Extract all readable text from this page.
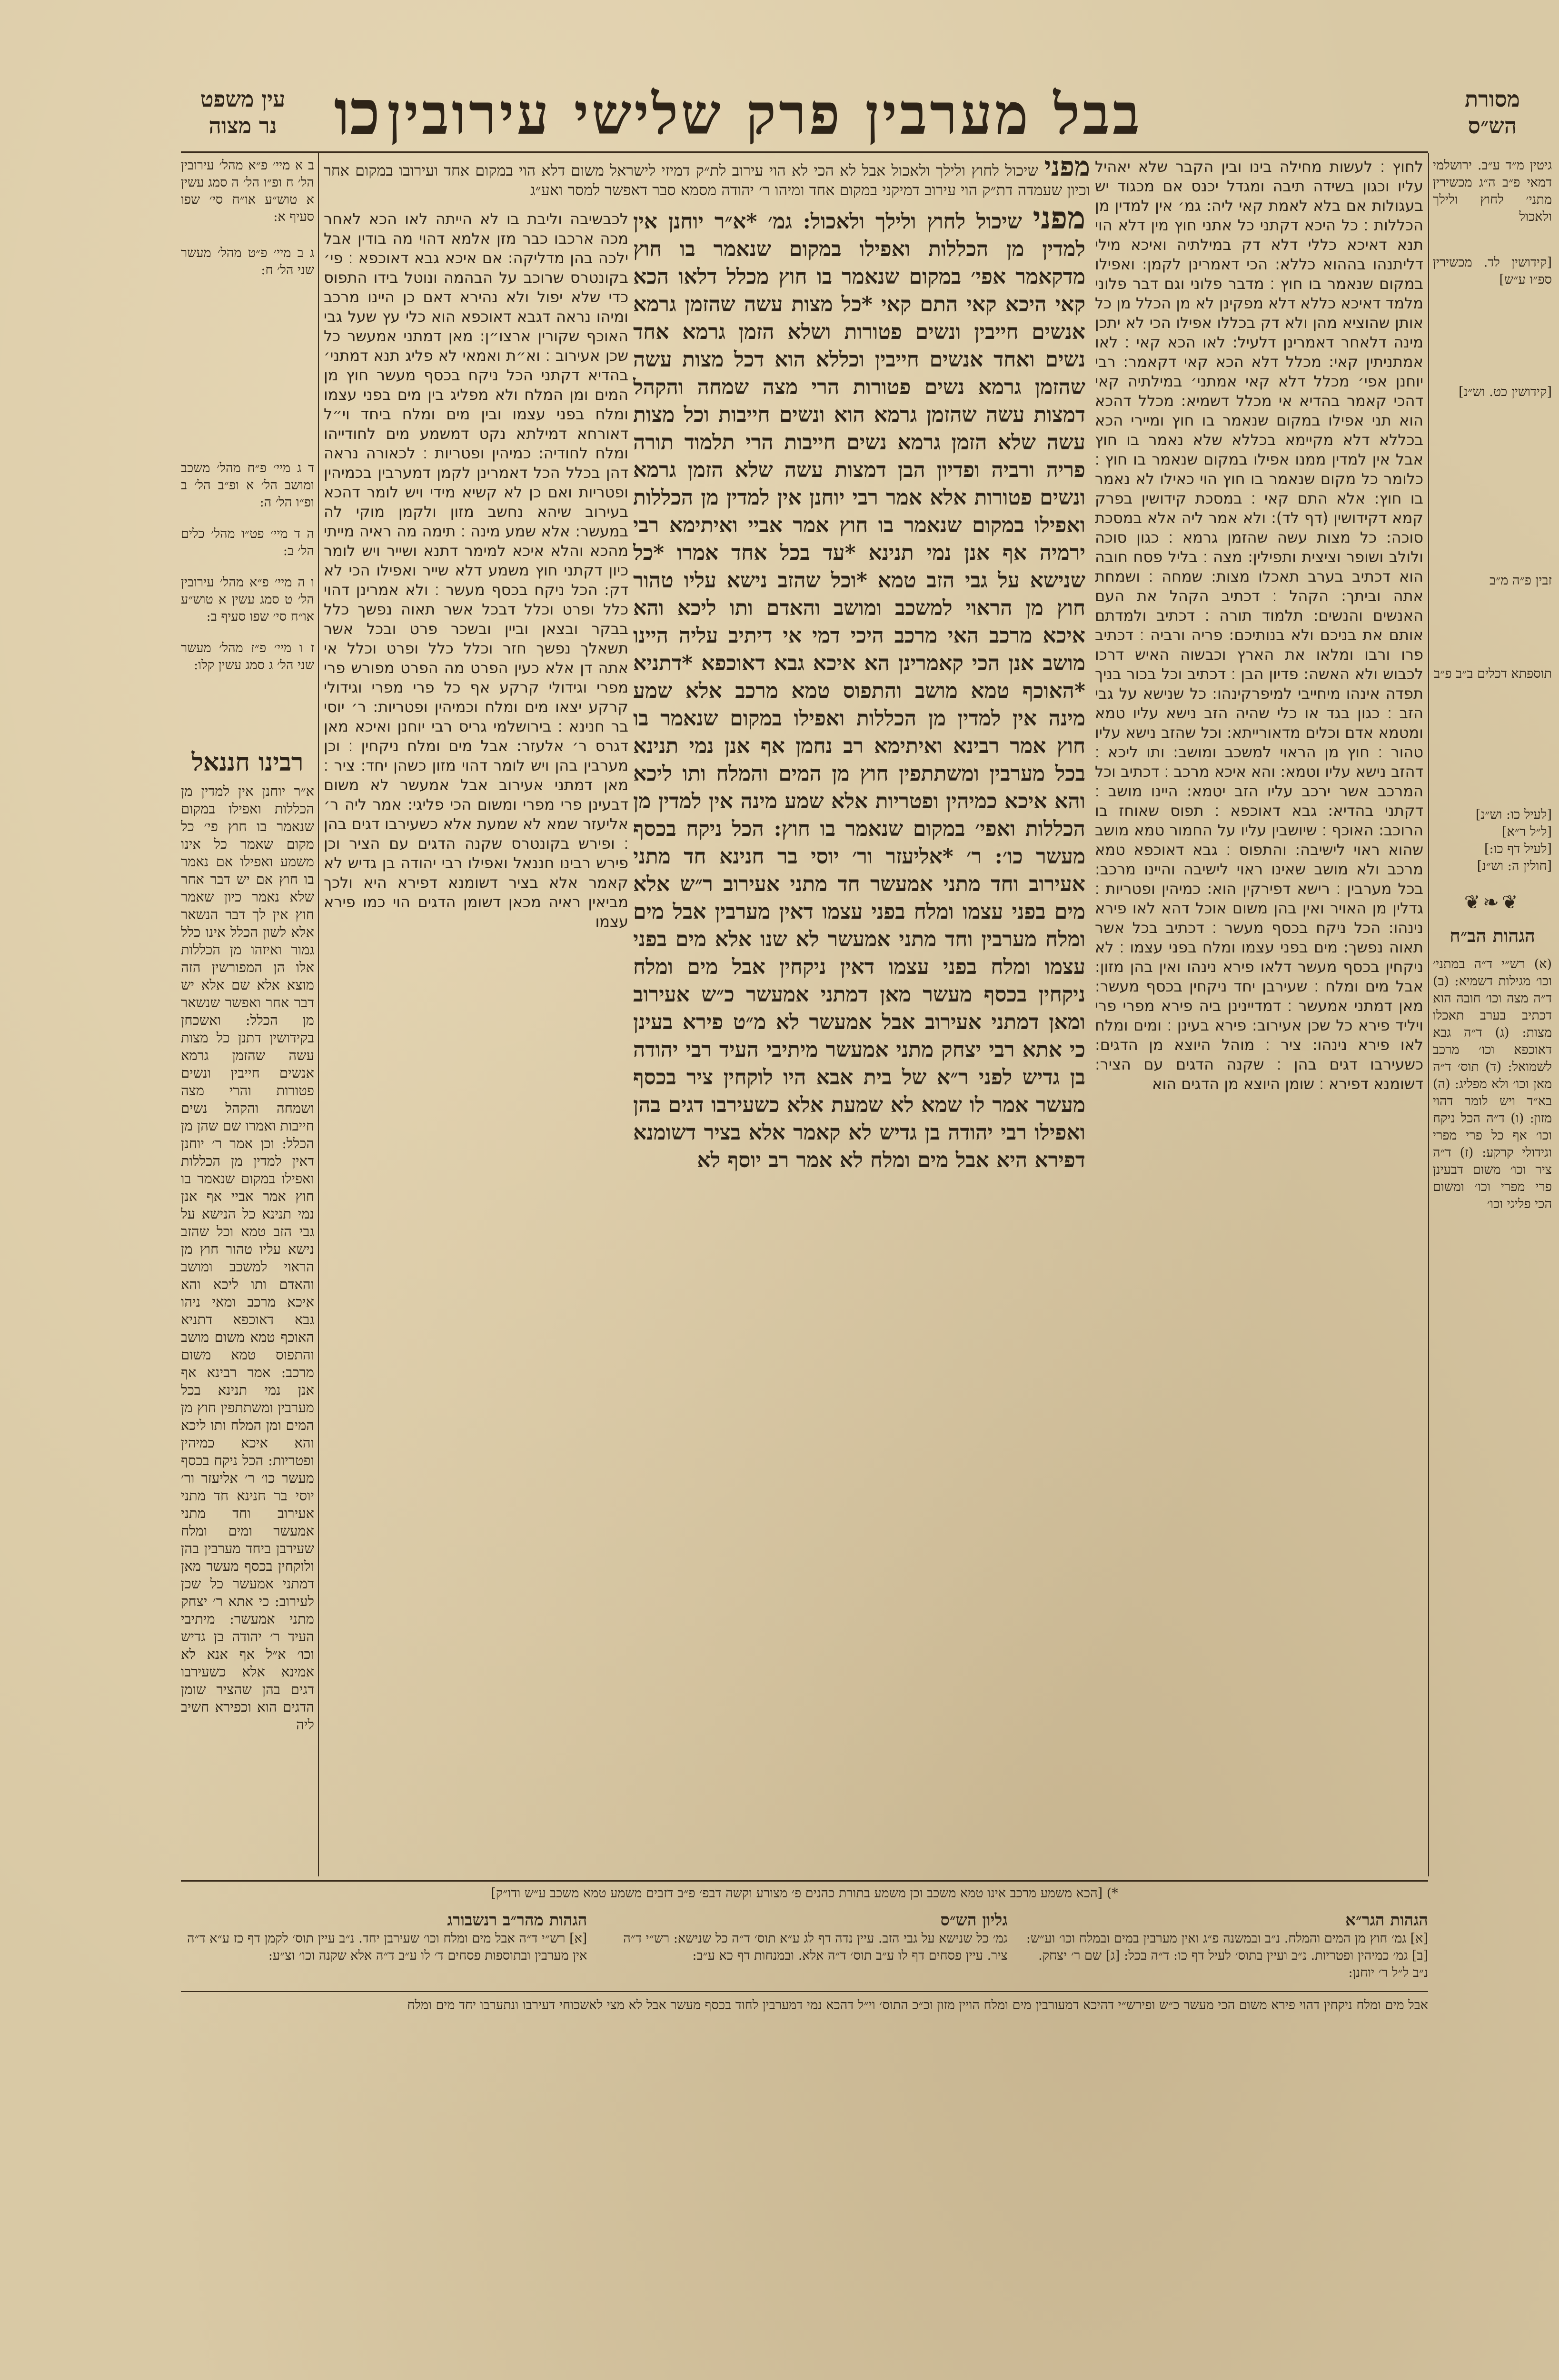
עין משפט
נר מצוה	כו בבל מערבין פרק שלישי עירובין	מסורת
הש״ס
גיטין מ״ד ע״ב. ירושלמי דמאי פ״ב ה״ג מכשירין מתני׳ לחוץ ולילך ולאכול
[קידושין לד. מכשירין ספ״ו ע״ש]
[קידושין כט. וש״נ]
זבין פ״ה מ״ב
תוספתא דכלים ב״ב פ״ב
[לעיל כו: וש״נ]
[ל״ל ר״א]
[לעיל דף כו:]
[חולין ה: וש״נ]
❦❧❦
הגהות הב״ח
(א) רש״י ד״ה במתני׳ וכו׳ מגילות דשמיא: (ב) ד״ה מצה וכו׳ חובה הוא דכתיב בערב תאכלו מצות: (ג) ד״ה גבא דאוכפא וכו׳ מרכב לשמואל: (ד) תוס׳ ד״ה מאן וכו׳ ולא מפליג: (ה) בא״ד ויש לומר דהוי מזון: (ו) ד״ה הכל ניקח וכו׳ אף כל פרי מפרי וגידולי קרקע: (ז) ד״ה ציר וכו׳ משום דבעינן פרי מפרי וכו׳ ומשום הכי פליגי וכו׳
לחוץ ׃ לעשות מחילה בינו ובין הקבר שלא יאהיל עליו וכגון בשידה תיבה ומגדל יכנס אם מכגוד יש בעגולות אם בלא לאמת קאי ליה: גמ׳ אין למדין מן הכללות ׃ כל היכא דקתני כל אתני חוץ מין דלא הוי תנא דאיכא כללי דלא דק במילתיה ואיכא מילי דליתנהו בההוא כללא: הכי דאמרינן לקמן: ואפילו במקום שנאמר בו חוץ ׃ מדבר פלוני וגם דבר פלוני מלמד דאיכא כללא דלא מפקינן לא מן הכלל מן כל אותן שהוציא מהן ולא דק בכללו אפילו הכי לא יתכן מינה דלאחר דאמרינן דלעיל: לאו הכא קאי ׃ לאו אמתניתין קאי: מכלל דלא הכא קאי דקאמר: רבי יוחנן אפי׳ מכלל דלא קאי אמתני׳ במילתיה קאי דהכי קאמר בהדיא אי מכלל דשמיא: מכלל דהכא הוא תני אפילו במקום שנאמר בו חוץ ומיירי הכא בכללא דלא מקיימא בכללא שלא נאמר בו חוץ אבל אין למדין ממנו אפילו במקום שנאמר בו חוץ ׃ כלומר כל מקום שנאמר בו חוץ הוי כאילו לא נאמר בו חוץ: אלא התם קאי ׃ במסכת קידושין בפרק קמא דקידושין (דף לד): ולא אמר ליה אלא במסכת סוכה: כל מצות עשה שהזמן גרמא ׃ כגון סוכה ולולב ושופר וציצית ותפילין: מצה ׃ בליל פסח חובה הוא דכתיב בערב תאכלו מצות: שמחה ׃ ושמחת אתה וביתך: הקהל ׃ דכתיב הקהל את העם האנשים והנשים: תלמוד תורה ׃ דכתיב ולמדתם אותם את בניכם ולא בנותיכם: פריה ורביה ׃ דכתיב פרו ורבו ומלאו את הארץ וכבשוה האיש דרכו לכבוש ולא האשה: פדיון הבן ׃ דכתיב וכל בכור בניך תפדה אינהו מיחייבי למיפרקינהו: כל שנישא על גבי הזב ׃ כגון בגד או כלי שהיה הזב נישא עליו טמא ומטמא אדם וכלים מדאורייתא: וכל שהזב נישא עליו טהור ׃ חוץ מן הראוי למשכב ומושב: ותו ליכא ׃ דהזב נישא עליו וטמא: והא איכא מרכב ׃ דכתיב וכל המרכב אשר ירכב עליו הזב יטמא: היינו מושב ׃ דקתני בהדיא: גבא דאוכפא ׃ תפוס שאוחז בו הרוכב: האוכף ׃ שיושבין עליו על החמור טמא מושב שהוא ראוי לישיבה: והתפוס ׃ גבא דאוכפא טמא מרכב ולא מושב שאינו ראוי לישיבה והיינו מרכב: בכל מערבין ׃ רישא דפירקין הוא: כמיהין ופטריות ׃ גדלין מן האויר ואין בהן משום אוכל דהא לאו פירא נינהו: הכל ניקח בכסף מעשר ׃ דכתיב בכל אשר תאוה נפשך: מים בפני עצמו ומלח בפני עצמו ׃ לא ניקחין בכסף מעשר דלאו פירא נינהו ואין בהן מזון: אבל מים ומלח ׃ שעירבן יחד ניקחין בכסף מעשר: מאן דמתני אמעשר ׃ דמדיינינן ביה פירא מפרי פרי ויליד פירא כל שכן אעירוב: פירא בעינן ׃ ומים ומלח לאו פירא נינהו: ציר ׃ מוהל היוצא מן הדגים: כשעירבו דגים בהן ׃ שקנה הדגים עם הציר: דשומנא דפירא ׃ שומן היוצא מן הדגים הוא
מפני שיכול לחוץ ולילך ולאכול: גמ׳ *א״ר יוחנן אין למדין מן הכללות ואפילו במקום שנאמר בו חוץ מדקאמר אפי׳ במקום שנאמר בו חוץ מכלל דלאו הכא קאי היכא קאי התם קאי *כל מצות עשה שהזמן גרמא אנשים חייבין ונשים פטורות ושלא הזמן גרמא אחד נשים ואחד אנשים חייבין וכללא הוא דכל מצות עשה שהזמן גרמא נשים פטורות הרי מצה שמחה והקהל דמצות עשה שהזמן גרמא הוא ונשים חייבות וכל מצות עשה שלא הזמן גרמא נשים חייבות הרי תלמוד תורה פריה ורביה ופדיון הבן דמצות עשה שלא הזמן גרמא ונשים פטורות אלא אמר רבי יוחנן אין למדין מן הכללות ואפילו במקום שנאמר בו חוץ אמר אביי ואיתימא רבי ירמיה אף אנן נמי תנינא *עד בכל אחד אמרו *כל שנישא על גבי הזב טמא *וכל שהזב נישא עליו טהור חוץ מן הראוי למשכב ומושב והאדם ותו ליכא והא איכא מרכב האי מרכב היכי דמי אי דיתיב עליה היינו מושב אנן הכי קאמרינן הא איכא גבא דאוכפא *דתניא *האוכף טמא מושב והתפוס טמא מרכב אלא שמע מינה אין למדין מן הכללות ואפילו במקום שנאמר בו חוץ אמר רבינא ואיתימא רב נחמן אף אנן נמי תנינא בכל מערבין ומשתתפין חוץ מן המים והמלח ותו ליכא והא איכא כמיהין ופטריות אלא שמע מינה אין למדין מן הכללות ואפי׳ במקום שנאמר בו חוץ: הכל ניקח בכסף מעשר כו׳: ר׳ *אליעזר ור׳ יוסי בר חנינא חד מתני אעירוב וחד מתני אמעשר חד מתני אעירוב ר״ש אלא מים בפני עצמו ומלח בפני עצמו דאין מערבין אבל מים ומלח מערבין וחד מתני אמעשר לא שנו אלא מים בפני עצמו ומלח בפני עצמו דאין ניקחין אבל מים ומלח ניקחין בכסף מעשר מאן דמתני אמעשר כ״ש אעירוב ומאן דמתני אעירוב אבל אמעשר לא מ״ט פירא בעינן כי אתא רבי יצחק מתני אמעשר מיתיבי העיד רבי יהודה בן גדיש לפני ר״א של בית אבא היו לוקחין ציר בכסף מעשר אמר לו שמא לא שמעת אלא כשעירבו דגים בהן ואפילו רבי יהודה בן גדיש לא קאמר אלא בציר דשומנא דפירא היא אבל מים ומלח לא אמר רב יוסף לא
מפני שיכול לחוץ ולילך ולאכול אבל לא הכי לא הוי עירוב לת״ק דמיזי לישראל משום דלא הוי במקום אחד ועירובו במקום אחר וכיון שעמדה דת״ק הוי עירוב דמיקני במקום אחד ומיהו ר׳ יהודה מסמא סבר דאפשר למסר ואע״ג
לכבשיבה וליבת בו לא הייתה לאו הכא לאחר מכה ארכבו כבר מזן אלמא דהוי מה בודין אבל ילכה בהן מדליקה: אם איכא גבא דאוכפא ׃ פי׳ בקונטרס שרוכב על הבהמה ונוטל בידו התפוס כדי שלא יפול ולא נהירא דאם כן היינו מרכב ומיהו נראה דגבא דאוכפא הוא כלי עץ שעל גבי האוכף שקורין ארצו״ן: מאן דמתני אמעשר כל שכן אעירוב ׃ וא״ת ואמאי לא פליג תנא דמתני׳ בהדיא דקתני הכל ניקח בכסף מעשר חוץ מן המים ומן המלח ולא מפליג בין מים בפני עצמו ומלח בפני עצמו ובין מים ומלח ביחד וי״ל דאורחא דמילתא נקט דמשמע מים לחודייהו ומלח לחודיה: כמיהין ופטריות ׃ לכאורה נראה דהן בכלל הכל דאמרינן לקמן דמערבין בכמיהין ופטריות ואם כן לא קשיא מידי ויש לומר דהכא בעירוב שיהא נחשב מזון ולקמן מוקי לה במעשר: אלא שמע מינה ׃ תימה מה ראיה מייתי מהכא והלא איכא למימר דתנא ושייר ויש לומר כיון דקתני חוץ משמע דלא שייר ואפילו הכי לא דק: הכל ניקח בכסף מעשר ׃ ולא אמרינן דהוי כלל ופרט וכלל דבכל אשר תאוה נפשך כלל בבקר ובצאן וביין ובשכר פרט ובכל אשר תשאלך נפשך חזר וכלל כלל ופרט וכלל אי אתה דן אלא כעין הפרט מה הפרט מפורש פרי מפרי וגידולי קרקע אף כל פרי מפרי וגידולי קרקע יצאו מים ומלח וכמיהין ופטריות: ר׳ יוסי בר חנינא ׃ בירושלמי גריס רבי יוחנן ואיכא מאן דגרס ר׳ אלעזר: אבל מים ומלח ניקחין ׃ וכן מערבין בהן ויש לומר דהוי מזון כשהן יחד: ציר ׃ מאן דמתני אעירוב אבל אמעשר לא משום דבעינן פרי מפרי ומשום הכי פליגי: אמר ליה ר׳ אליעזר שמא לא שמעת אלא כשעירבו דגים בהן ׃ ופירש בקונטרס שקנה הדגים עם הציר וכן פירש רבינו חננאל ואפילו רבי יהודה בן גדיש לא קאמר אלא בציר דשומנא דפירא היא ולכך מביאין ראיה מכאן דשומן הדגים הוי כמו פירא עצמו
ב א מיי׳ פ״א מהל׳ עירובין הל׳ ח ופ״ו הל׳ ה סמג עשין א טוש״ע או״ח סי׳ שפו סעיף א:
ג ב מיי׳ פ״ט מהל׳ מעשר שני הל׳ ח:
ד ג מיי׳ פ״ח מהל׳ משכב ומושב הל׳ א ופ״ב הל׳ ב ופ״ו הל׳ ה:
ה ד מיי׳ פט״ו מהל׳ כלים הל׳ ב:
ו ה מיי׳ פ״א מהל׳ עירובין הל׳ ט סמג עשין א טוש״ע או״ח סי׳ שפו סעיף ב:
ז ו מיי׳ פ״ז מהל׳ מעשר שני הל׳ ג סמג עשין קלו:
רבינו חננאל
א״ר יוחנן אין למדין מן הכללות ואפילו במקום שנאמר בו חוץ פי׳ כל מקום שאמר כל אינו משמע ואפילו אם נאמר בו חוץ אם יש דבר אחר שלא נאמר כיון שאמר חוץ אין לך דבר הנשאר אלא לשון הכלל אינו כלל גמור ואיזהו מן הכללות אלו הן המפורשין הזה מוצא אלא שם אלא יש דבר אחר ואפשר שנשאר מן הכלל: ואשכחן בקידושין דתנן כל מצות עשה שהזמן גרמא אנשים חייבין ונשים פטורות והרי מצה ושמחה והקהל נשים חייבות ואמרו שם שהן מן הכלל: וכן אמר ר׳ יוחנן דאין למדין מן הכללות ואפילו במקום שנאמר בו חוץ אמר אביי אף אנן נמי תנינא כל הנישא על גבי הזב טמא וכל שהזב נישא עליו טהור חוץ מן הראוי למשכב ומושב והאדם ותו ליכא והא איכא מרכב ומאי ניהו גבא דאוכפא דתניא האוכף טמא משום מושב והתפוס טמא משום מרכב: אמר רבינא אף אנן נמי תנינא בכל מערבין ומשתתפין חוץ מן המים ומן המלח ותו ליכא והא איכא כמיהין ופטריות: הכל ניקח בכסף מעשר כו׳ ר׳ אליעזר ור׳ יוסי בר חנינא חד מתני אעירוב וחד מתני אמעשר ומים ומלח שעירבן ביחד מערבין בהן ולוקחין בכסף מעשר מאן דמתני אמעשר כל שכן לעירוב: כי אתא ר׳ יצחק מתני אמעשר: מיתיבי העיד ר׳ יהודה בן גדיש וכו׳ א״ל אף אנא לא אמינא אלא כשעירבו דגים בהן שהציר שומן הדגים הוא וכפירא חשיב ליה
*) [הכא משמע מרכב אינו טמא משכב וכן משמע בתורת כהנים פ׳ מצורע וקשה דבפ׳ פ״ב דזבים משמע טמא משכב ע״ש ודו״ק]
הגהות הגר״א
[א] גמ׳ חוץ מן המים והמלח. נ״ב ובמשנה פ״ג ואין מערבין במים ובמלח וכו׳ וע״ש: [ב] גמ׳ כמיהין ופטריות. נ״ב ועיין בתוס׳ לעיל דף כו: ד״ה בכל: [ג] שם ר׳ יצחק. נ״ב ל״ל ר׳ יוחנן:
גליון הש״ס
גמ׳ כל שנישא על גבי הזב. עיין נדה דף לג ע״א תוס׳ ד״ה כל שנישא: רש״י ד״ה ציר. עיין פסחים דף לו ע״ב תוס׳ ד״ה אלא. ובמנחות דף כא ע״ב:
הגהות מהר״ב רנשבורג
[א] רש״י ד״ה אבל מים ומלח וכו׳ שעירבן יחד. נ״ב עיין תוס׳ לקמן דף כז ע״א ד״ה אין מערבין ובתוספות פסחים ד׳ לו ע״ב ד״ה אלא שקנה וכו׳ וצ״ע:
אבל מים ומלח ניקחין דהוי פירא משום הכי מעשר כ״ש ופירש״י דהיכא דמעורבין מים ומלח הויין מזון וכ״כ התוס׳ וי״ל דהכא נמי דמערבין לחוד בכסף מעשר אבל לא מצי לאשכוחי דעירבו ונתערבו יחד מים ומלח
